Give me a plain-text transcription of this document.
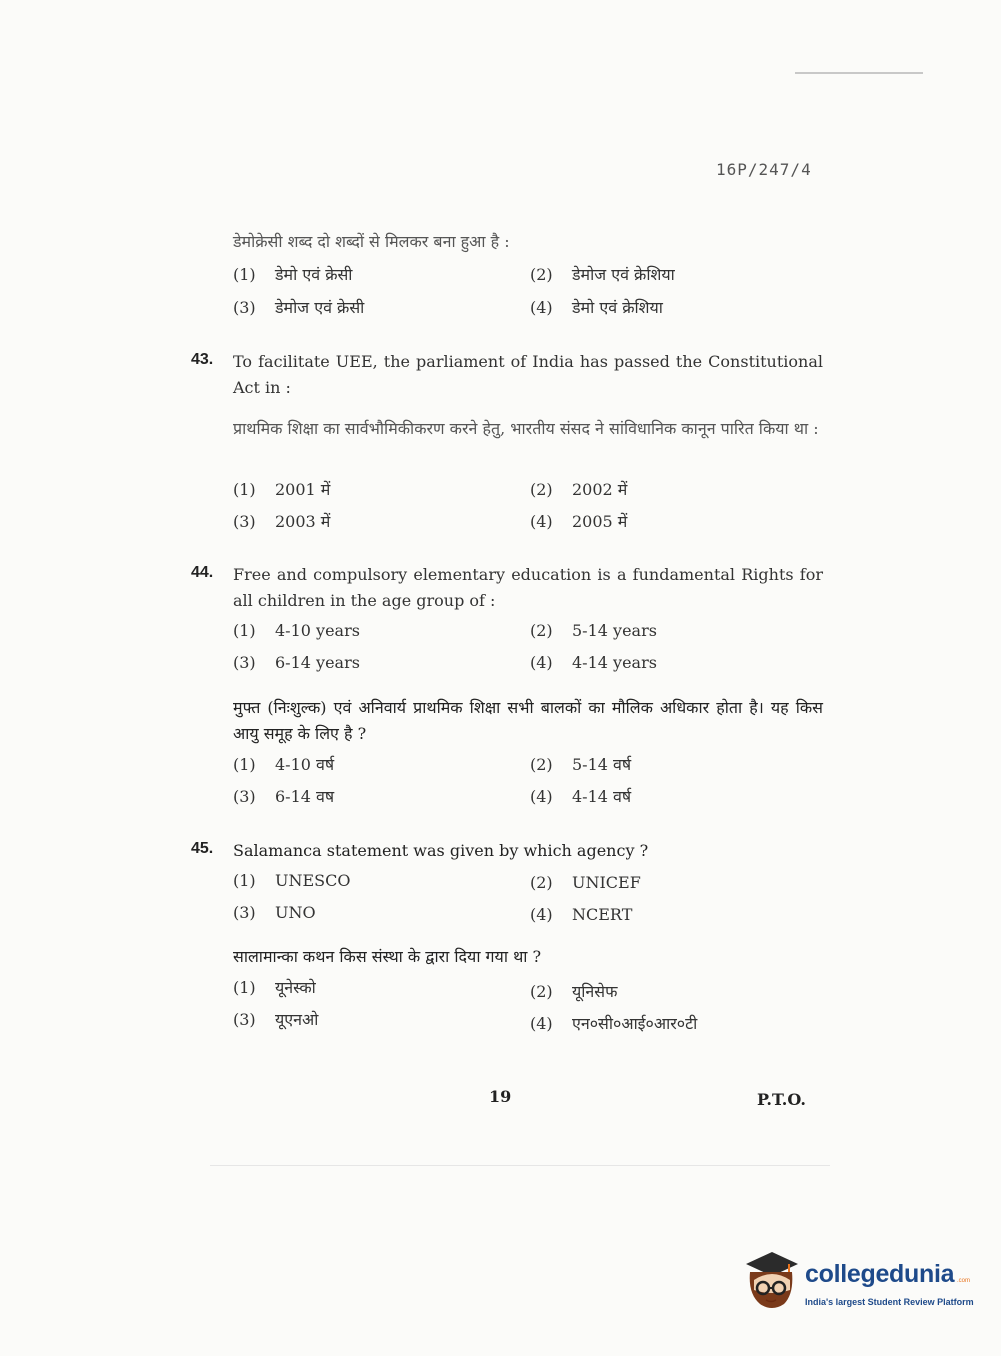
16P/247/4
डेमोक्रेसी शब्द दो शब्दों से मिलकर बना हुआ है :
(1) डेमो एवं क्रेसी	(2) डेमोज एवं क्रेशिया
(3) डेमोज एवं क्रेसी	(4) डेमो एवं क्रेशिया
43. To facilitate UEE, the parliament of India has passed the Constitutional Act in :
प्राथमिक शिक्षा का सार्वभौमिकीकरण करने हेतु, भारतीय संसद ने सांविधानिक कानून पारित किया था :
(1) 2001 में	(2) 2002 में
(3) 2003 में	(4) 2005 में
44. Free and compulsory elementary education is a fundamental Rights for all children in the age group of :
(1) 4-10 years	(2) 5-14 years
(3) 6-14 years	(4) 4-14 years
मुफ्त (निःशुल्क) एवं अनिवार्य प्राथमिक शिक्षा सभी बालकों का मौलिक अधिकार होता है। यह किस आयु समूह के लिए है ?
(1) 4-10 वर्ष	(2) 5-14 वर्ष
(3) 6-14 वष	(4) 4-14 वर्ष
45. Salamanca statement was given by which agency ?
(1) UNESCO	(2) UNICEF
(3) UNO	(4) NCERT
सालामान्का कथन किस संस्था के द्वारा दिया गया था ?
(1) यूनेस्को	(2) यूनिसेफ
(3) यूएनओ	(4) एन०सी०आई०आर०टी
19	P.T.O.
collegedunia .com
India's largest Student Review Platform
